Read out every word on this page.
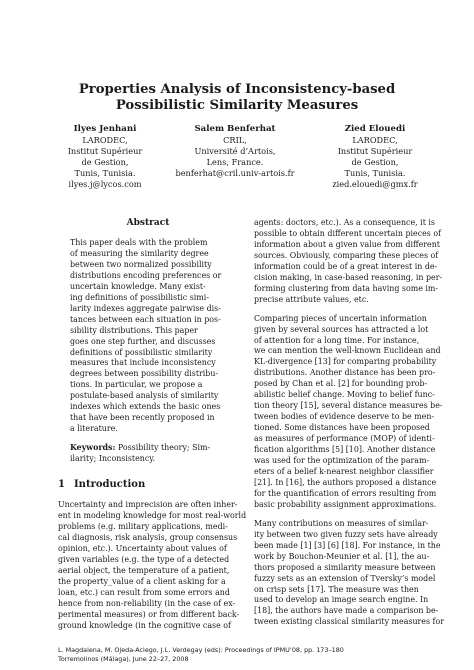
Properties Analysis of Inconsistency-based
Possibilistic Similarity Measures
Ilyes Jenhani
LARODEC,
Institut Supérieur
de Gestion,
Tunis, Tunisia.
ilyes.j@lycos.com
Salem Benferhat
CRIL,
Université d’Artois,
Lens, France.
benferhat@cril.univ-artois.fr
Zied Elouedi
LARODEC,
Institut Supérieur
de Gestion,
Tunis, Tunisia.
zied.elouedi@gmx.fr
Abstract
This paper deals with the problem
of measuring the similarity degree
between two normalized possibility
distributions encoding preferences or
uncertain knowledge. Many exist-
ing definitions of possibilistic simi-
larity indexes aggregate pairwise dis-
tances between each situation in pos-
sibility distributions. This paper
goes one step further, and discusses
definitions of possibilistic similarity
measures that include inconsistency
degrees between possibility distribu-
tions. In particular, we propose a
postulate-based analysis of similarity
indexes which extends the basic ones
that have been recently proposed in
a literature.
Keywords: Possibility theory; Sim-
ilarity; Inconsistency.
1 Introduction
Uncertainty and imprecision are often inher-
ent in modeling knowledge for most real-world
problems (e.g. military applications, medi-
cal diagnosis, risk analysis, group consensus
opinion, etc.). Uncertainty about values of
given variables (e.g. the type of a detected
aerial object, the temperature of a patient,
the property_value of a client asking for a
loan, etc.) can result from some errors and
hence from non-reliability (in the case of ex-
perimental measures) or from different back-
ground knowledge (in the cognitive case of
agents: doctors, etc.). As a consequence, it is
possible to obtain different uncertain pieces of
information about a given value from different
sources. Obviously, comparing these pieces of
information could be of a great interest in de-
cision making, in case-based reasoning, in per-
forming clustering from data having some im-
precise attribute values, etc.
Comparing pieces of uncertain information
given by several sources has attracted a lot
of attention for a long time. For instance,
we can mention the well-known Euclidean and
KL-divergence [13] for comparing probability
distributions. Another distance has been pro-
posed by Chan et al. [2] for bounding prob-
abilistic belief change. Moving to belief func-
tion theory [15], several distance measures be-
tween bodies of evidence deserve to be men-
tioned. Some distances have been proposed
as measures of performance (MOP) of identi-
fication algorithms [5] [10]. Another distance
was used for the optimization of the param-
eters of a belief k-nearest neighbor classifier
[21]. In [16], the authors proposed a distance
for the quantification of errors resulting from
basic probability assignment approximations.
Many contributions on measures of similar-
ity between two given fuzzy sets have already
been made [1] [3] [6] [18]. For instance, in the
work by Bouchon-Meunier et al. [1], the au-
thors proposed a similarity measure between
fuzzy sets as an extension of Tversky’s model
on crisp sets [17]. The measure was then
used to develop an image search engine. In
[18], the authors have made a comparison be-
tween existing classical similarity measures for
L. Magdalena, M. Ojeda-Aciego, J.L. Verdegay (eds): Proceedings of IPMU’08, pp. 173–180
Torremolinos (Málaga), June 22–27, 2008
